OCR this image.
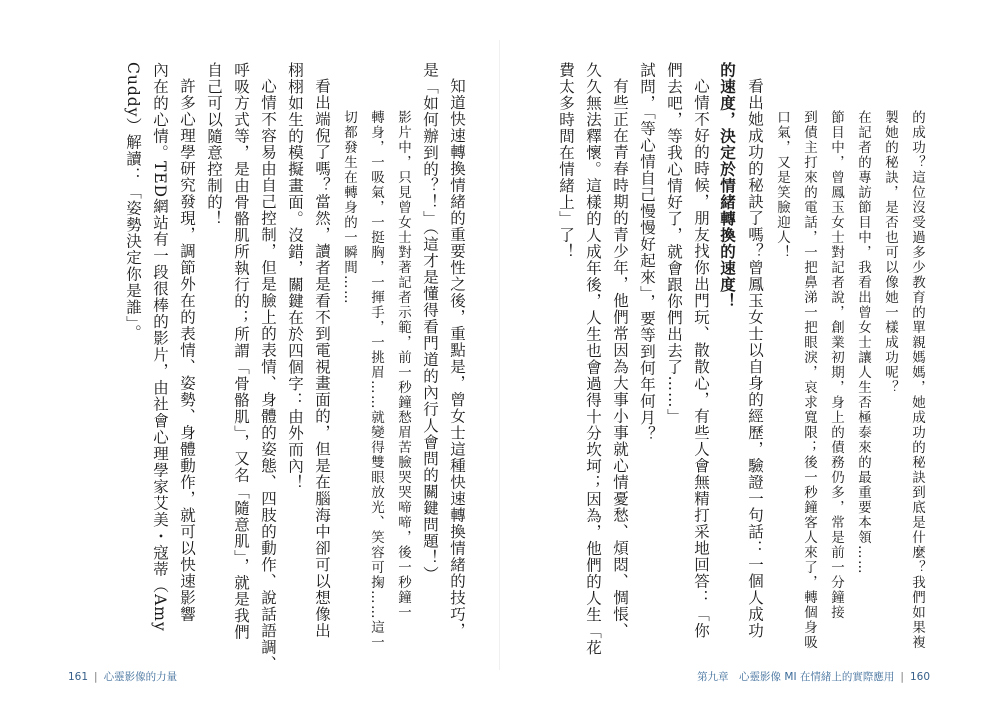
知道快速轉換情緒的重要性之後，重點是，曾女士這種快速轉換情緒的技巧，
是「如何辦到的？！」（這才是懂得看門道的內行人會問的關鍵問題！）
影片中，只見曾女士對著記者示範，前一秒鐘愁眉苦臉哭哭啼啼，後一秒鐘一
轉身，一吸氣，一挺胸，一揮手，一挑眉……就變得雙眼放光、笑容可掬……這一
切都發生在轉身的一瞬間……
看出端倪了嗎？當然，讀者是看不到電視畫面的，但是在腦海中卻可以想像出
栩栩如生的模擬畫面。沒錯，關鍵在於四個字：由外而內！
心情不容易由自己控制，但是臉上的表情、身體的姿態、四肢的動作、說話語調、
呼吸方式等，是由骨骼肌所執行的；所謂「骨骼肌」，又名「隨意肌」，就是我們
自己可以隨意控制的！
許多心理學研究發現，調節外在的表情、姿勢、身體動作，就可以快速影響
內在的心情。TED網站有一段很棒的影片，由社會心理學家艾美・寇蒂（Amy
Cuddy）解讀：「姿勢決定你是誰」。	的成功？這位沒受過多少教育的單親媽媽，她成功的秘訣到底是什麼？我們如果複
製她的秘訣，是否也可以像她一樣成功呢？
在記者的專訪節目中，我看出曾女士讓人生否極泰來的最重要本領……
節目中，曾鳳玉女士對記者說，創業初期，身上的債務仍多，常是前一分鐘接
到債主打來的電話，一把鼻涕一把眼淚，哀求寬限；後一秒鐘客人來了，轉個身吸
口氣，又是笑臉迎人！
看出她成功的秘訣了嗎？曾鳳玉女士以自身的經歷，驗證一句話：一個人成功
的速度，決定於情緒轉換的速度！
心情不好的時候，朋友找你出門玩、散散心，有些人會無精打采地回答：「你
們去吧，等我心情好了，就會跟你們出去了……」
試問，「等心情自己慢慢好起來」，要等到何年何月？
有些正在青春時期的青少年，他們常因為大事小事就心情憂愁、煩悶、惆悵、
久久無法釋懷。這樣的人成年後，人生也會過得十分坎坷；因為，他們的人生「花
費太多時間在情緒上」了！
161 | 心靈影像的力量	第九章　心靈影像 MI 在情緒上的實際應用 | 160
